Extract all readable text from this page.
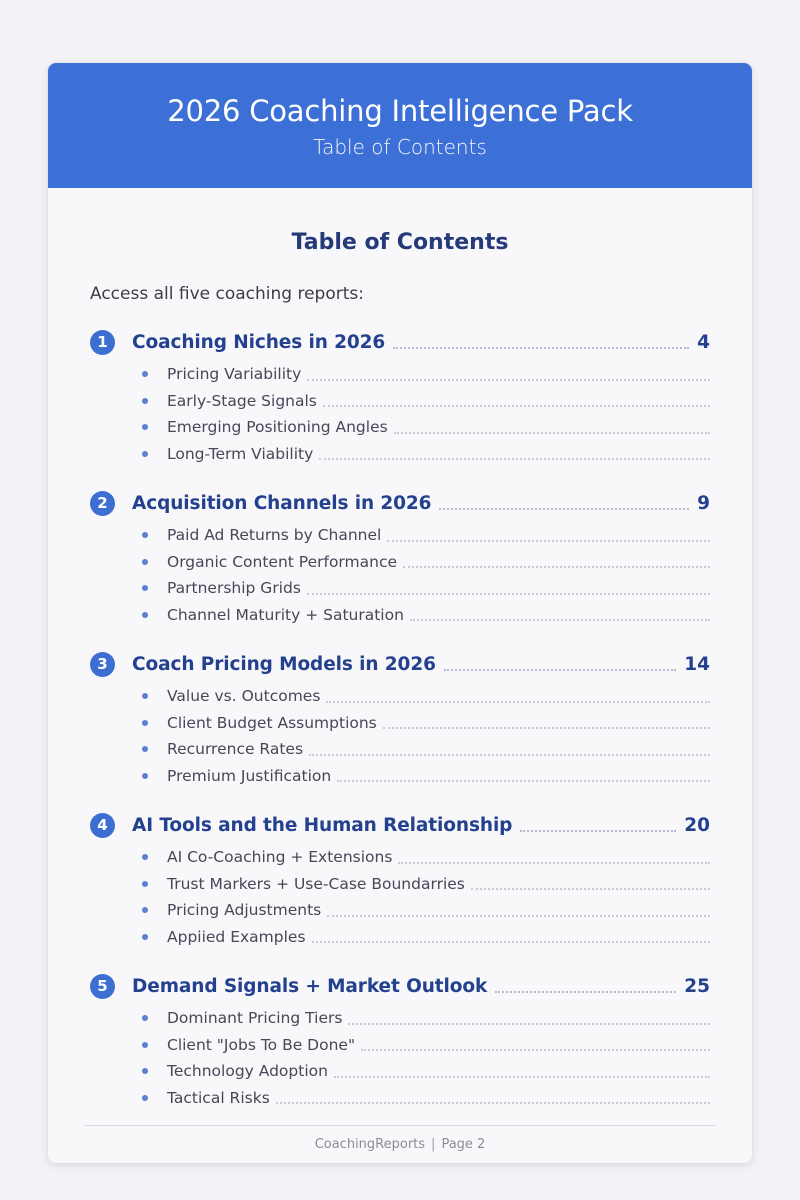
2026 Coaching Intelligence Pack
Table of Contents
Table of Contents
Access all five coaching reports:
1	Coaching Niches in 2026	4
Pricing Variability
Early-Stage Signals
Emerging Positioning Angles
Long-Term Viability
2	Acquisition Channels in 2026	9
Paid Ad Returns by Channel
Organic Content Performance
Partnership Grids
Channel Maturity + Saturation
3	Coach Pricing Models in 2026	14
Value vs. Outcomes
Client Budget Assumptions
Recurrence Rates
Premium Justification
4	AI Tools and the Human Relationship	20
AI Co-Coaching + Extensions
Trust Markers + Use-Case Boundarries
Pricing Adjustments
Appiied Examples
5	Demand Signals + Market Outlook	25
Dominant Pricing Tiers
Client "Jobs To Be Done"
Technology Adoption
Tactical Risks
CoachingReports | Page 2
